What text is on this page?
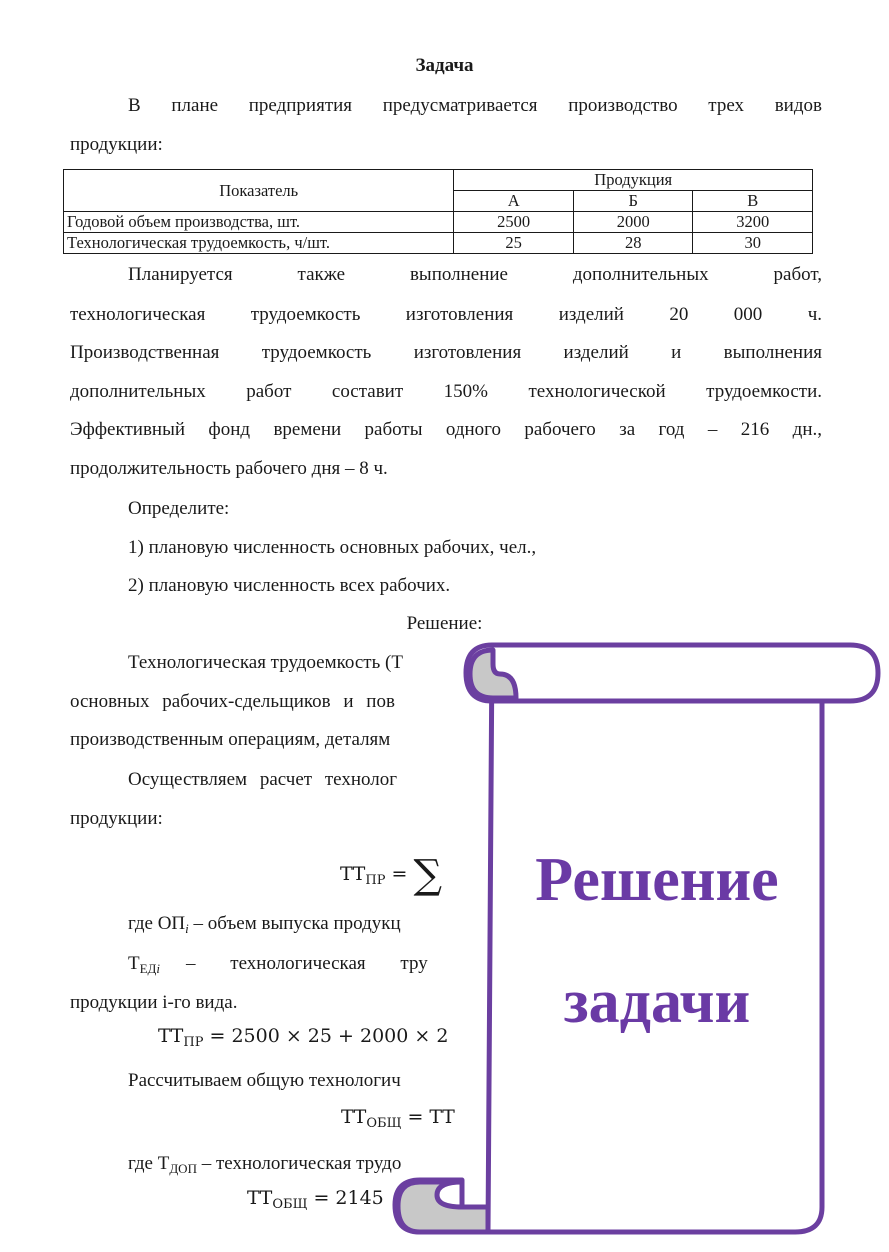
Задача
В плане предприятия предусматривается производство трех видов
продукции:
Показатель	Продукция		
	А	Б	В
Годовой объем производства, шт.	2500	2000	3200
Технологическая трудоемкость, ч/шт.	25	28	30
Планируется также выполнение дополнительных работ,
технологическая трудоемкость изготовления изделий 20 000 ч.
Производственная трудоемкость изготовления изделий и выполнения
дополнительных работ составит 150% технологической трудоемкости.
Эффективный фонд времени работы одного рабочего за год – 216 дн.,
продолжительность рабочего дня – 8 ч.
Определите:
1) плановую численность основных рабочих, чел.,
2) плановую численность всех рабочих.
Решение:
Технологическая трудоемкость (Т
основных рабочих-сдельщиков и пов
производственным операциям, деталям
Осуществляем расчет технолог
продукции:
$ТТ_{ПР}$ = ∑
где $ОП_i$ – объем выпуска продукц
$Т_{ЕДi}$ – технологическая тру
продукции i-го вида.
$ТТ_{ПР} = 2500 \times 25 + 2000 \times 2$
Рассчитываем общую технологич
$ТТ_{ОБЩ}$ = ТТ
где $Т_{ДОП}$ – технологическая трудо
$ТТ_{ОБЩ} = 2145$
Решение
задачи
